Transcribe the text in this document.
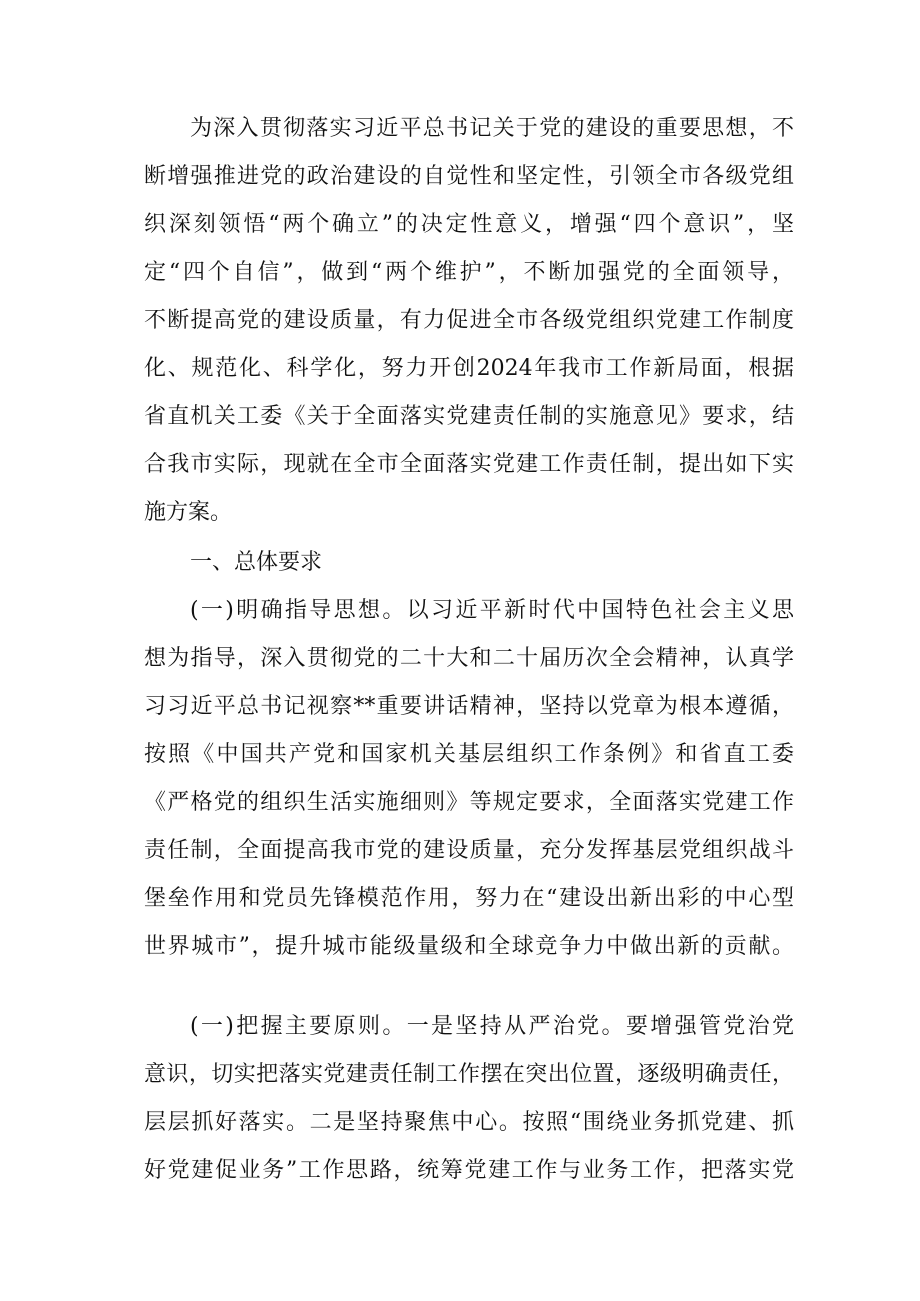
为深入贯彻落实习近平总书记关于党的建设的重要思想，不
断增强推进党的政治建设的自觉性和坚定性，引领全市各级党组
织深刻领悟“两个确立”的决定性意义，增强“四个意识”，坚
定“四个自信”，做到“两个维护”，不断加强党的全面领导，
不断提高党的建设质量，有力促进全市各级党组织党建工作制度
化、规范化、科学化，努力开创2024年我市工作新局面，根据
省直机关工委《关于全面落实党建责任制的实施意见》要求，结
合我市实际，现就在全市全面落实党建工作责任制，提出如下实
施方案。
一、总体要求
(一)明确指导思想。以习近平新时代中国特色社会主义思
想为指导，深入贯彻党的二十大和二十届历次全会精神，认真学
习习近平总书记视察**重要讲话精神，坚持以党章为根本遵循，
按照《中国共产党和国家机关基层组织工作条例》和省直工委
《严格党的组织生活实施细则》等规定要求，全面落实党建工作
责任制，全面提高我市党的建设质量，充分发挥基层党组织战斗
堡垒作用和党员先锋模范作用，努力在“建设出新出彩的中心型
世界城市”，提升城市能级量级和全球竞争力中做出新的贡献。
(一)把握主要原则。一是坚持从严治党。要增强管党治党
意识，切实把落实党建责任制工作摆在突出位置，逐级明确责任，
层层抓好落实。二是坚持聚焦中心。按照“围绕业务抓党建、抓
好党建促业务”工作思路，统筹党建工作与业务工作，把落实党
